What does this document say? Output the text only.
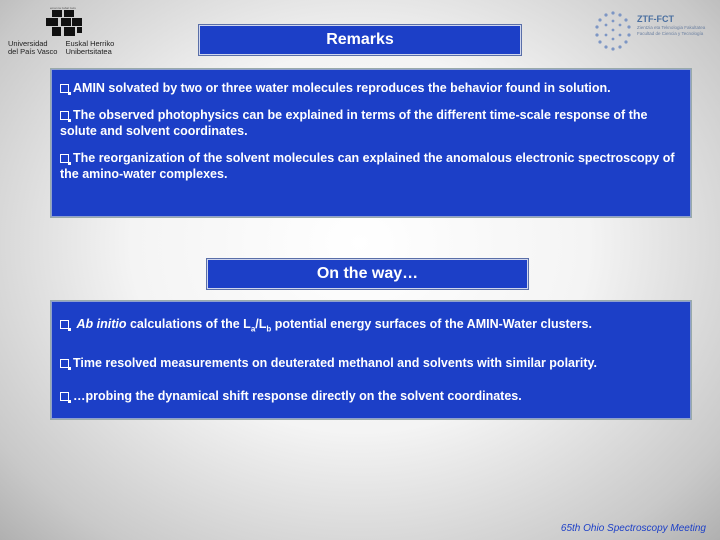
eman ta zabal zazu
Universidad
del País Vasco
Euskal Herriko
Unibertsitatea
ZTF-FCT
Zientzia eta Teknologia Fakultatea
Facultad de Ciencia y Tecnología
Remarks
AMIN solvated by two or three water molecules reproduces the behavior found in solution.
The observed photophysics can be explained in terms of the different time-scale response of the solute and solvent coordinates.
The reorganization of the solvent molecules can explained the anomalous electronic spectroscopy of the amino-water complexes.
On the way…
Ab initio calculations of the $L_a/L_b$ potential energy surfaces of the AMIN-Water clusters.
Time resolved measurements on deuterated methanol and solvents with similar polarity.
…probing the dynamical shift response directly on the solvent coordinates.
65th Ohio Spectroscopy Meeting
